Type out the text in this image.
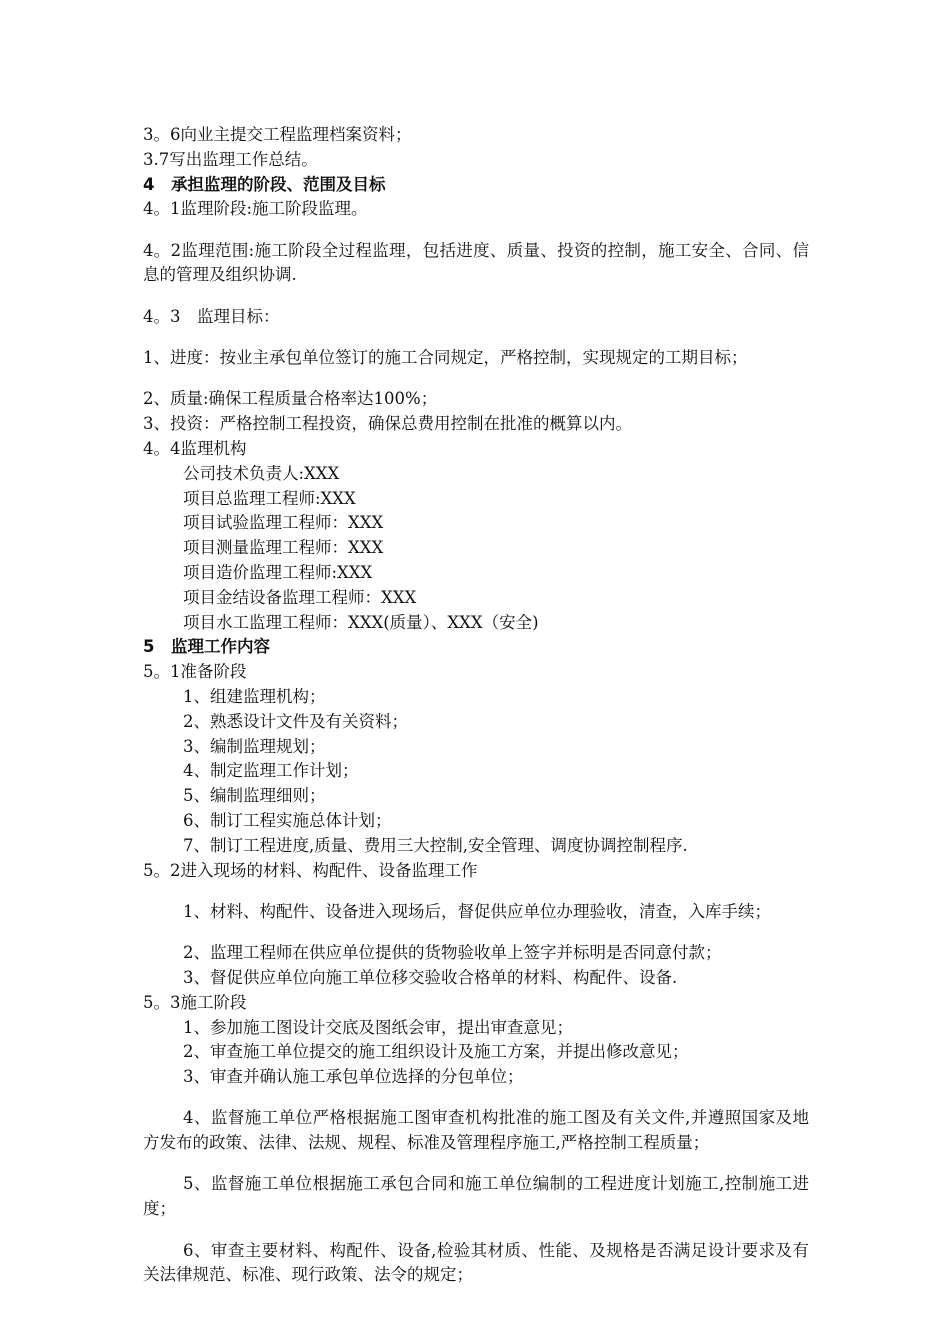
3。6向业主提交工程监理档案资料；

3.7写出监理工作总结。

4　承担监理的阶段、范围及目标

4。1监理阶段:施工阶段监理。

4。2监理范围:施工阶段全过程监理，包括进度、质量、投资的控制，施工安全、合同、信息的管理及组织协调.

4。3　监理目标：

1、进度：按业主承包单位签订的施工合同规定，严格控制，实现规定的工期目标；

2、质量:确保工程质量合格率达100%；

3、投资：严格控制工程投资，确保总费用控制在批准的概算以内。

4。4监理机构

公司技术负责人:XXX

项目总监理工程师:XXX

项目试验监理工程师：XXX

项目测量监理工程师：XXX

项目造价监理工程师:XXX

项目金结设备监理工程师：XXX

项目水工监理工程师：XXX(质量）、XXX（安全)

5　监理工作内容

5。1准备阶段

1、组建监理机构；

2、熟悉设计文件及有关资料；

3、编制监理规划；

4、制定监理工作计划；

5、编制监理细则；

6、制订工程实施总体计划；

7、制订工程进度,质量、费用三大控制,安全管理、调度协调控制程序.

5。2进入现场的材料、构配件、设备监理工作

1、材料、构配件、设备进入现场后，督促供应单位办理验收，清查，入库手续；

2、监理工程师在供应单位提供的货物验收单上签字并标明是否同意付款；

3、督促供应单位向施工单位移交验收合格单的材料、构配件、设备.

5。3施工阶段

1、参加施工图设计交底及图纸会审，提出审查意见；

2、审查施工单位提交的施工组织设计及施工方案，并提出修改意见；

3、审查并确认施工承包单位选择的分包单位；

4、监督施工单位严格根据施工图审查机构批准的施工图及有关文件,并遵照国家及地方发布的政策、法律、法规、规程、标准及管理程序施工,严格控制工程质量；

5、监督施工单位根据施工承包合同和施工单位编制的工程进度计划施工,控制施工进度；

6、审查主要材料、构配件、设备,检验其材质、性能、及规格是否满足设计要求及有关法律规范、标准、现行政策、法令的规定；
